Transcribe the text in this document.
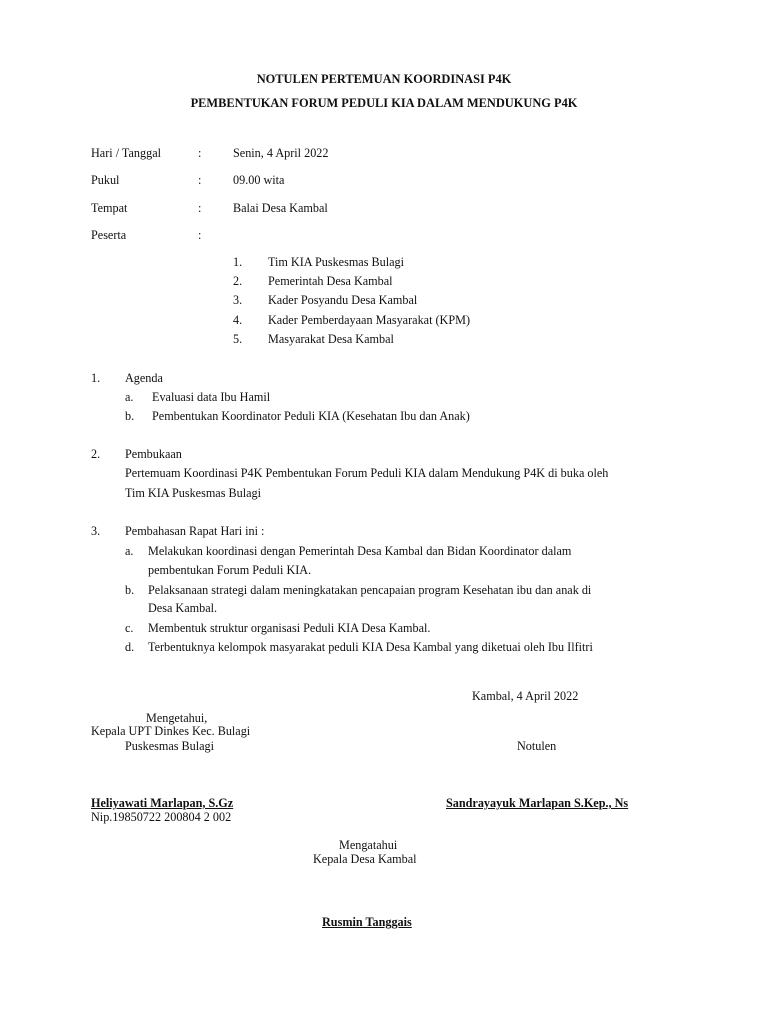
NOTULEN PERTEMUAN KOORDINASI P4K
PEMBENTUKAN FORUM PEDULI KIA DALAM MENDUKUNG P4K
Hari / Tanggal	:	Senin, 4 April 2022
Pukul	:	09.00 wita
Tempat	:	Balai Desa Kambal
Peserta	:
1. Tim KIA Puskesmas Bulagi
2. Pemerintah Desa Kambal
3. Kader Posyandu Desa Kambal
4. Kader Pemberdayaan Masyarakat (KPM)
5. Masyarakat Desa Kambal
1. Agenda
a. Evaluasi data Ibu Hamil
b. Pembentukan Koordinator Peduli KIA (Kesehatan Ibu dan Anak)
2. Pembukaan
Pertemuam Koordinasi P4K Pembentukan Forum Peduli KIA dalam Mendukung P4K di buka oleh
Tim KIA Puskesmas Bulagi
3. Pembahasan Rapat Hari ini :
a. Melakukan koordinasi dengan Pemerintah Desa Kambal dan Bidan Koordinator dalam
pembentukan Forum Peduli KIA.
b. Pelaksanaan strategi dalam meningkatakan pencapaian program Kesehatan ibu dan anak di
Desa Kambal.
c. Membentuk struktur organisasi Peduli KIA Desa Kambal.
d. Terbentuknya kelompok masyarakat peduli KIA Desa Kambal yang diketuai oleh Ibu Ilfitri
Kambal, 4 April 2022
Mengetahui,
Kepala UPT Dinkes Kec. Bulagi
Puskesmas Bulagi	Notulen
Heliyawati Marlapan, S.Gz	Sandrayayuk Marlapan S.Kep., Ns
Nip.19850722 200804 2 002
Mengatahui
Kepala Desa Kambal
Rusmin Tanggais
